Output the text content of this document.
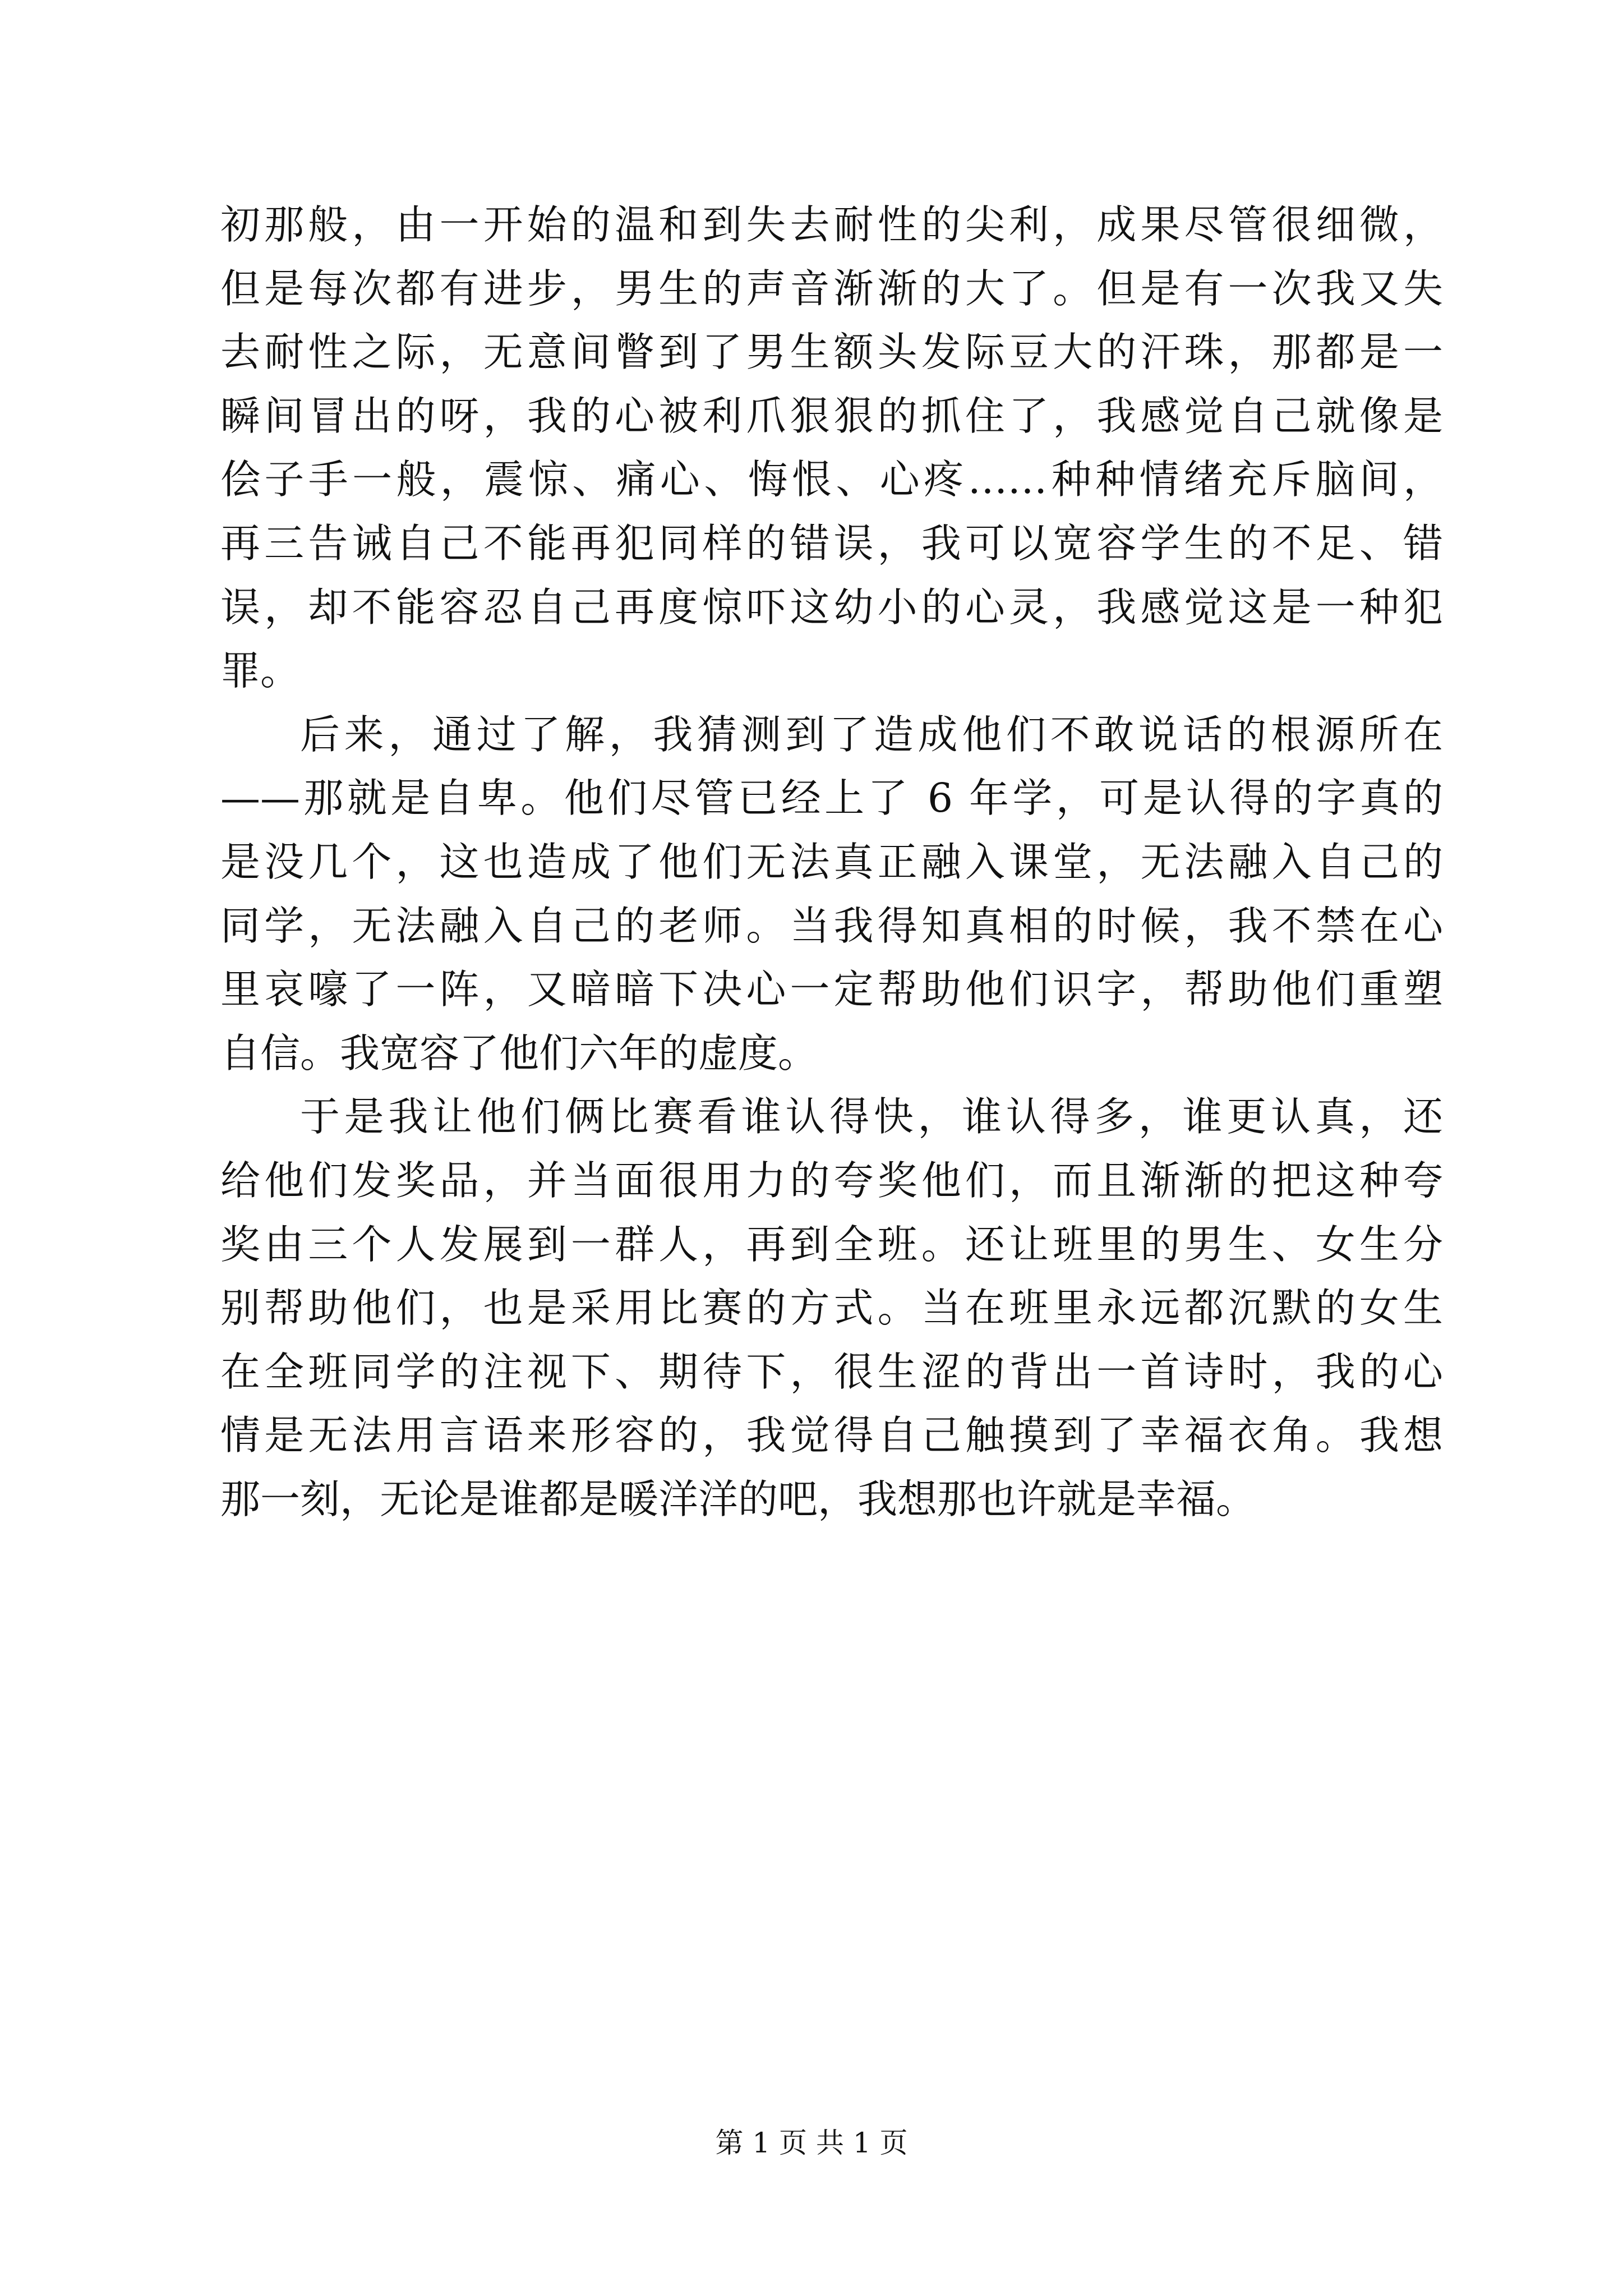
初那般，由一开始的温和到失去耐性的尖利，成果尽管很细微，
但是每次都有进步，男生的声音渐渐的大了。但是有一次我又失
去耐性之际，无意间瞥到了男生额头发际豆大的汗珠，那都是一
瞬间冒出的呀，我的心被利爪狠狠的抓住了，我感觉自己就像是
侩子手一般，震惊、痛心、悔恨、心疼……种种情绪充斥脑间，
再三告诫自己不能再犯同样的错误，我可以宽容学生的不足、错
误，却不能容忍自己再度惊吓这幼小的心灵，我感觉这是一种犯
罪。
后来，通过了解，我猜测到了造成他们不敢说话的根源所在
——那就是自卑。他们尽管已经上了 6 年学，可是认得的字真的
是没几个，这也造成了他们无法真正融入课堂，无法融入自己的
同学，无法融入自己的老师。当我得知真相的时候，我不禁在心
里哀嚎了一阵，又暗暗下决心一定帮助他们识字，帮助他们重塑
自信。我宽容了他们六年的虚度。
于是我让他们俩比赛看谁认得快，谁认得多，谁更认真，还
给他们发奖品，并当面很用力的夸奖他们，而且渐渐的把这种夸
奖由三个人发展到一群人，再到全班。还让班里的男生、女生分
别帮助他们，也是采用比赛的方式。当在班里永远都沉默的女生
在全班同学的注视下、期待下，很生涩的背出一首诗时，我的心
情是无法用言语来形容的，我觉得自己触摸到了幸福衣角。我想
那一刻，无论是谁都是暖洋洋的吧，我想那也许就是幸福。
第 1 页 共 1 页
